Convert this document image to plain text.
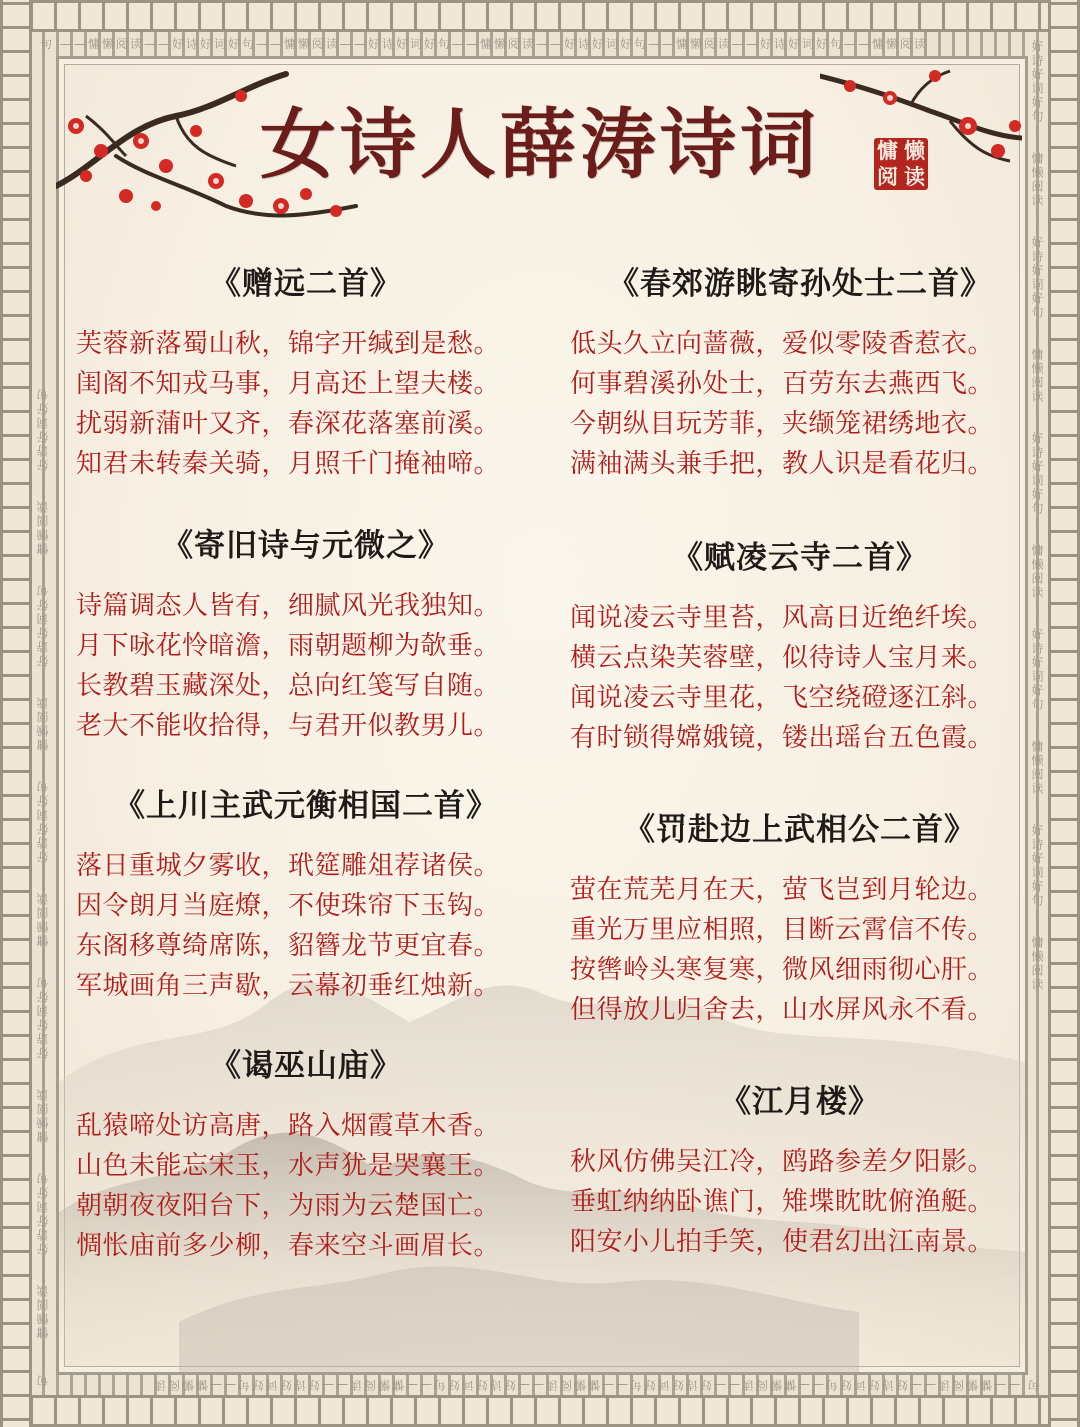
句 ——慵懒阅读——好诗好词好句——慵懒阅读——好诗好词好句——慵懒阅读——好诗好词好句——慵懒阅读——好诗好词好句——慵懒阅读
句 ——慵懒阅读——好诗好词好句——慵懒阅读——好诗好词好句——慵懒阅读——好诗好词好句——慵懒阅读——好诗好词好句——慵懒阅读
句 ——慵懒阅读——好诗好词好句——慵懒阅读——好诗好词好句——慵懒阅读——好诗好词好句——慵懒阅读——好诗好词好句——慵懒阅读——好诗好词好句	好诗好词好句——慵懒阅读——好诗好词好句——慵懒阅读——好诗好词好句——慵懒阅读——好诗好词好句——慵懒阅读——好诗好词好句——慵懒阅读
女诗人薛涛诗词	慵 懒
阅 读
《赠远二首》
芙蓉新落蜀山秋，锦字开缄到是愁。
闺阁不知戎马事，月高还上望夫楼。
扰弱新蒲叶又齐，春深花落塞前溪。
知君未转秦关骑，月照千门掩袖啼。
《寄旧诗与元微之》
诗篇调态人皆有，细腻风光我独知。
月下咏花怜暗澹，雨朝题柳为欹垂。
长教碧玉藏深处，总向红笺写自随。
老大不能收拾得，与君开似教男儿。
《上川主武元衡相国二首》
落日重城夕雾收，玳筵雕俎荐诸侯。
因令朗月当庭燎，不使珠帘下玉钩。
东阁移尊绮席陈，貂簪龙节更宜春。
军城画角三声歇，云幕初垂红烛新。
《谒巫山庙》
乱猿啼处访高唐，路入烟霞草木香。
山色未能忘宋玉，水声犹是哭襄王。
朝朝夜夜阳台下，为雨为云楚国亡。
惆怅庙前多少柳，春来空斗画眉长。
《春郊游眺寄孙处士二首》
低头久立向蔷薇，爱似零陵香惹衣。
何事碧溪孙处士，百劳东去燕西飞。
今朝纵目玩芳菲，夹缬笼裙绣地衣。
满袖满头兼手把，教人识是看花归。
《赋凌云寺二首》
闻说凌云寺里苔，风高日近绝纤埃。
横云点染芙蓉壁，似待诗人宝月来。
闻说凌云寺里花，飞空绕磴逐江斜。
有时锁得嫦娥镜，镂出瑶台五色霞。
《罚赴边上武相公二首》
萤在荒芜月在天，萤飞岂到月轮边。
重光万里应相照，目断云霄信不传。
按辔岭头寒复寒，微风细雨彻心肝。
但得放儿归舍去，山水屏风永不看。
《江月楼》
秋风仿佛吴江冷，鸥路参差夕阳影。
垂虹纳纳卧谯门，雉堞眈眈俯渔艇。
阳安小儿拍手笑，使君幻出江南景。
